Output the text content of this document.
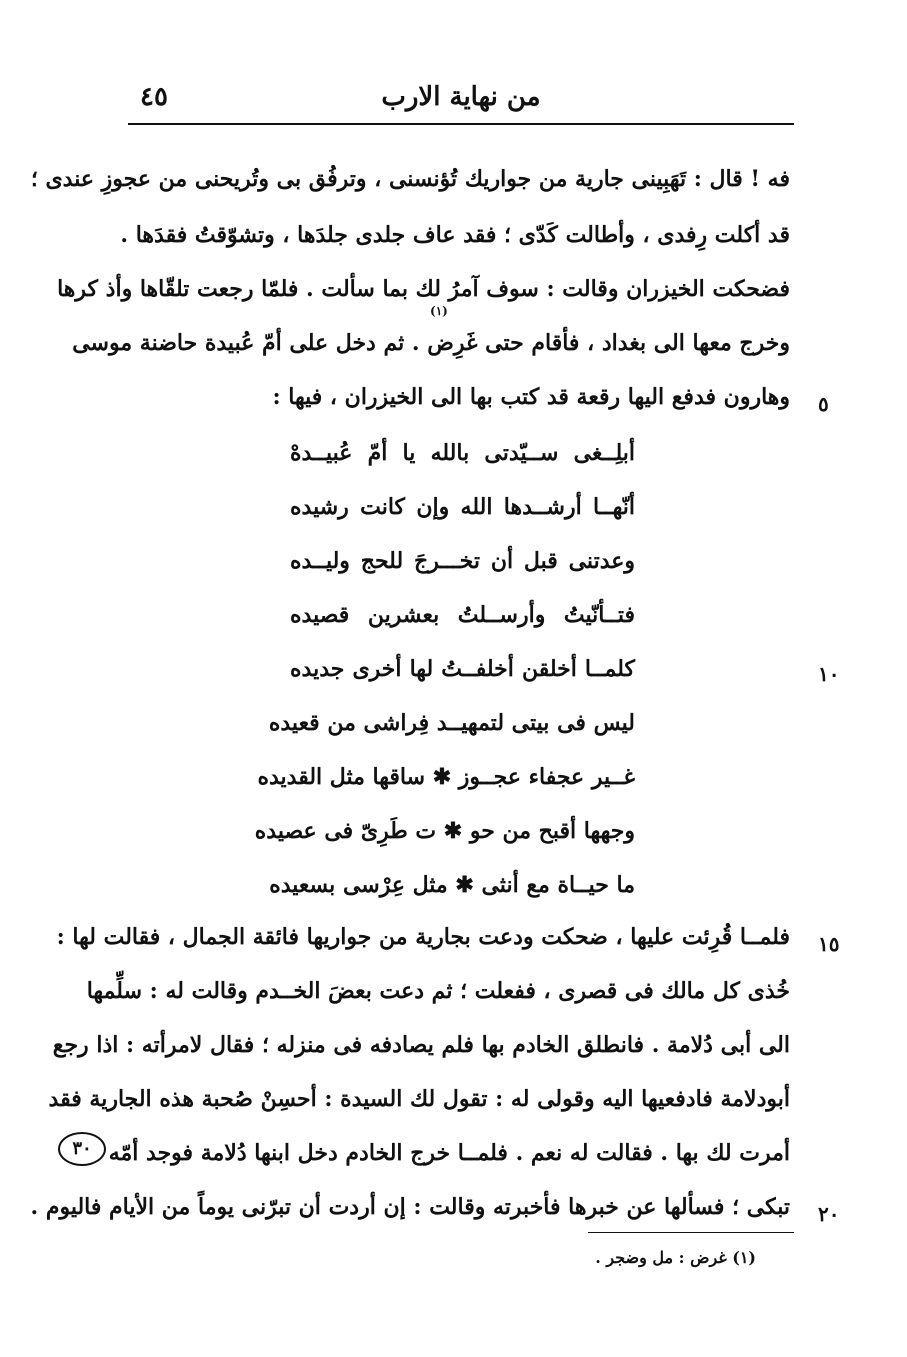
٤٥	من نهاية الارب
فه ! قال : تَهَبِينى جارية من جواريك تُؤنسنى ، وترفُق بى وتُريحنى من عجوزِ عندى ؛
قد أكلت رِفدى ، وأطالت كَدّى ؛ فقد عاف جلدى جلدَها ، وتشوّقتُ فقدَها .
فضحكت الخيزران وقالت : سوف آمرُ لك بما سألت . فلمّا رجعت تلقّاها وأذ كرها
(١)
وخرج معها الى بغداد ، فأقام حتى غَرِض . ثم دخل على أمّ عُبيدة حاضنة موسى
وهارون فدفع اليها رقعة قد كتب بها الى الخيزران ، فيها :
أبلِــغى ســيّدتى بالله يا أمّ عُبيــدهْ
أنّهــا أرشــدها الله وإن كانت رشيده
وعدتنى قبل أن تخـــرجَ للحج وليــده
فتــأنّيتُ وأرســلتُ بعشرين قصيده
كلمــا أخلقن أخلفــتُ لها أخرى جديده
ليس فى بيتى لتمهيــد فِراشى من قعيده
غــير عجفاء عجــوز ✱ ساقها مثل القديده
وجهها أقبح من حو ✱ ت طَرِىّ فى عصيده
ما حيــاة مع أنثى ✱ مثل عِرْسى بسعيده
فلمــا قُرِئت عليها ، ضحكت ودعت بجارية من جواريها فائقة الجمال ، فقالت لها :
خُذى كل مالك فى قصرى ، ففعلت ؛ ثم دعت بعضَ الخــدم وقالت له : سلِّمها
الى أبى دُلامة . فانطلق الخادم بها فلم يصادفه فى منزله ؛ فقال لامرأته : اذا رجع
أبودلامة فادفعيها اليه وقولى له : تقول لك السيدة : أحسِنْ صُحبة هذه الجارية فقد
أمرت لك بها . فقالت له نعم . فلمــا خرج الخادم دخل ابنها دُلامة فوجد أمّه
تبكى ؛ فسألها عن خبرها فأخبرته وقالت : إن أردت أن تبرّنى يوماً من الأيام فاليوم .
٥
١٠
١٥
٢٠
٣٠
(١) غرض : مل وضجر .
